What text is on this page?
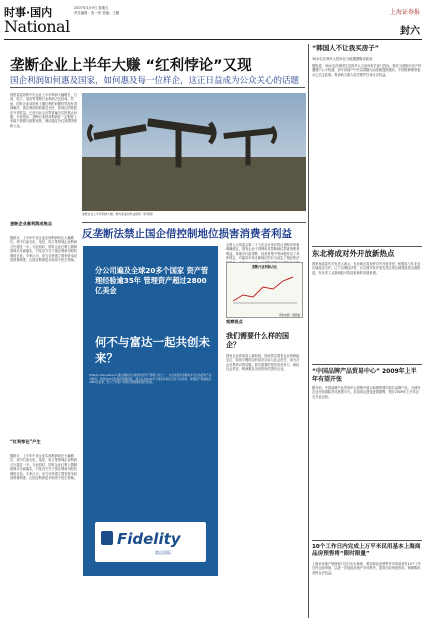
时事·国内
National
2007年3月9日 星期五
责任编辑：张一民 美编：王鹏	上海证券报
封六
垄断企业上半年大赚 “红利悖论”又现
国企利润如何惠及国家，如何惠及每一位样企，这正日益成为公众关心的话题
国资委监管的中央企业上半年利润大幅增长，石油、电力、电信等垄断行业利润占比较高。然而，国有企业向国家上缴红利的问题依然没有得到解决，国企利润如何惠及全民、如何让国家股东分享收益，已成为社会各界普遍关注的焦点问题。专家指出，垄断行业的高利润在一定程度上来源于资源与政策优势，理应通过分红回馈国家和公众。
垄断企业高利润成焦点
据统计，上半年中央企业实现利润同比大幅增长，其中石油石化、电信、电力等领域企业利润占比超过一半。与此同时，国有企业红利上缴制度尚未全面落实，引发各方关于国企利润分配机制的讨论。专家认为，应当尽快建立国有资本经营预算制度，让国企利润更多地用于民生领域。
“红利悖论”产生
据统计，上半年中央企业实现利润同比大幅增长，其中石油石化、电信、电力等领域企业利润占比超过一半。与此同时，国有企业红利上缴制度尚未全面落实，引发各方关于国企利润分配机制的讨论。专家认为，应当尽快建立国有资本经营预算制度，让国企利润更多地用于民生领域。
垄断企业上半年利润大增。图为某油田作业现场（资料图）
反垄断法禁止国企借控制地位损害消费者利益
分公司遍及全球20多个国家 资产管理经验逾35年 管理资产超过2800亿美金
何不与富达一起共创未来？
Fidelity International 富达国际是全球领先的资产管理公司之一，为全球投资者提供多元化的投资产品与服务。凭借逾35年的投资管理经验，富达在全球20多个国家和地区设有分支机构，管理资产规模超过2800亿美金，致力于为客户创造长期稳健的投资回报。
Fidelity
富达国际
全国人大常委会第二十九次会议审议的反垄断法草案明确规定，国有企业不得利用其控制地位损害消费者利益。草案对行政垄断、经营者集中等问题作出了具体规定，对滥用市场支配地位的行为设定了相应的法
垄断行业利润占比
资料来源：国资委
观察视点
我们需要什么样的国企？
国有企业改革进入新阶段，如何界定国有企业的职能定位，如何平衡国企的经济目标与社会责任，成为社会各界热议的话题。我们需要的是具有竞争力、承担社会责任、利润惠及全民的现代国有企业。
“韩国人不让我买房子”
30余名在韩华人投诉在当地遭遇购房歧视
据报道，30余名在韩国生活的华人日前向有关部门投诉，称在当地购买房产时遭遇不公平待遇，部分房地产中介以国籍为由拒绝提供服务。中国驻韩使馆表示已关注此事，将协助当事人依法维护自身合法权益。
东北将成对外开放新热点
国家发改委有关负责人表示，东北地区将加快对外开放步伐，积极参与东北亚区域经济合作。辽宁沿海经济带、长吉图开发开放先导区等区域建设将全面推进，东北老工业基地振兴将迎来新的发展机遇。
“中国品牌产品贸易中心” 2009年上半年有望开张
据介绍，中国品牌产品贸易中心将集中展示和销售国内知名品牌产品，为国内企业开拓国际市场搭建平台。目前项目建设进展顺利，预计2009年上半年正式开业运营。
10个工作日内完成上万平米民用基本上海商品房预售将“限时限量”
上海市房地产管理部门近日出台新规，要求商品房预售许可申请须在10个工作日内完成审批，以进一步规范房地产市场秩序，提高行政审批效率，保障购房者的合法权益。
